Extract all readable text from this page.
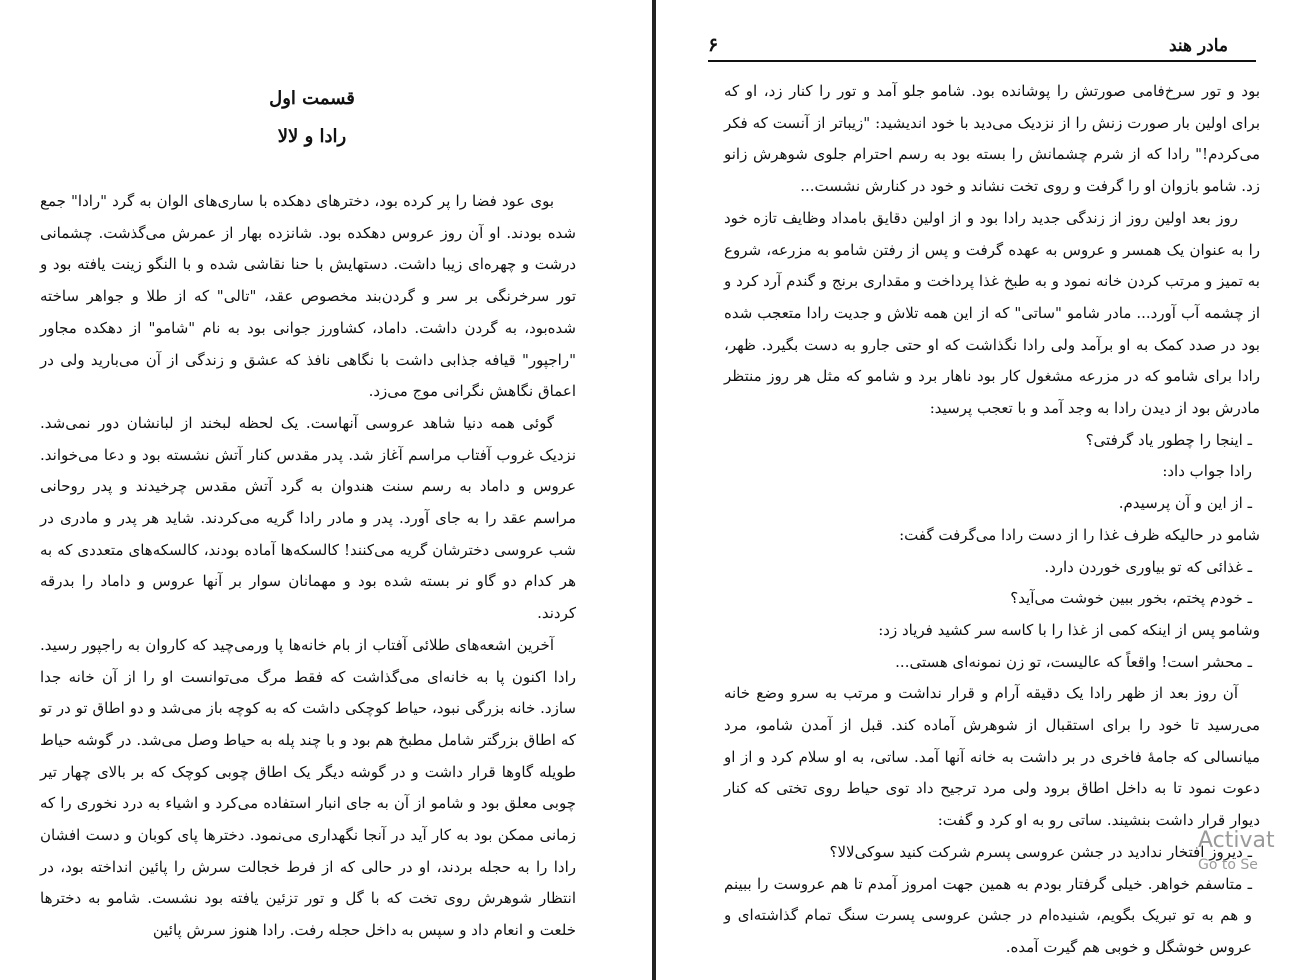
قسمت اول
رادا و لالا

بوی عود فضا را پر کرده بود، دخترهای دهکده با ساری‌های الوان به گرد "رادا" جمع شده بودند. او آن روز عروس دهکده بود. شانزده بهار از عمرش می‌گذشت. چشمانی درشت و چهره‌ای زیبا داشت. دستهایش با حنا نقاشی شده و با النگو زینت یافته بود و تور سرخرنگی بر سر و گردن‌بند مخصوص عقد، "تالی" که از طلا و جواهر ساخته شده‌بود، به گردن داشت. داماد، کشاورز جوانی بود به نام "شامو" از دهکده مجاور "راجپور" قیافه جذابی داشت با نگاهی نافذ که عشق و زندگی از آن می‌بارید ولی در اعماق نگاهش نگرانی موج می‌زد.

گوئی همه دنیا شاهد عروسی آنهاست. یک لحظه لبخند از لبانشان دور نمی‌شد. نزدیک غروب آفتاب مراسم آغاز شد. پدر مقدس کنار آتش نشسته بود و دعا می‌خواند. عروس و داماد به رسم سنت هندوان به گرد آتش مقدس چرخیدند و پدر روحانی مراسم عقد را به جای آورد. پدر و مادر رادا گریه می‌کردند. شاید هر پدر و مادری در شب عروسی دخترشان گریه می‌کنند! کالسکه‌ها آماده بودند، کالسکه‌های متعددی که به هر کدام دو گاو نر بسته شده بود و مهمانان سوار بر آنها عروس و داماد را بدرقه کردند.

آخرین اشعه‌های طلائی آفتاب از بام خانه‌ها پا ورمی‌چید که کاروان به راجپور رسید. رادا اکنون پا به خانه‌ای می‌گذاشت که فقط مرگ می‌توانست او را از آن خانه جدا سازد. خانه بزرگی نبود، حیاط کوچکی داشت که به کوچه باز می‌شد و دو اطاق تو در تو که اطاق بزرگتر شامل مطبخ هم بود و با چند پله به حیاط وصل می‌شد. در گوشه حیاط طویله گاوها قرار داشت و در گوشه دیگر یک اطاق چوبی کوچک که بر بالای چهار تیر چوبی معلق بود و شامو از آن به جای انبار استفاده می‌کرد و اشیاء به درد نخوری را که زمانی ممکن بود به کار آید در آنجا نگهداری می‌نمود. دخترها پای کوبان و دست افشان رادا را به حجله بردند، او در حالی که از فرط خجالت سرش را پائین انداخته بود، در انتظار شوهرش روی تخت که با گل و تور تزئین یافته بود نشست. شامو به دخترها خلعت و انعام داد و سپس به داخل حجله رفت. رادا هنوز سرش پائین

مادر هند
۶

بود و تور سرخ‌فامی صورتش را پوشانده بود. شامو جلو آمد و تور را کنار زد، او که برای اولین بار صورت زنش را از نزدیک می‌دید با خود اندیشید: "زیباتر از آنست که فکر می‌کردم!" رادا که از شرم چشمانش را بسته بود به رسم احترام جلوی شوهرش زانو زد. شامو بازوان او را گرفت و روی تخت نشاند و خود در کنارش نشست...

روز بعد اولین روز از زندگی جدید رادا بود و از اولین دقایق بامداد وظایف تازه خود را به عنوان یک همسر و عروس به عهده گرفت و پس از رفتن شامو به مزرعه، شروع به تمیز و مرتب کردن خانه نمود و به طبخ غذا پرداخت و مقداری برنج و گندم آرد کرد و از چشمه آب آورد... مادر شامو "ساتی" که از این همه تلاش و جدیت رادا متعجب شده بود در صدد کمک به او برآمد ولی رادا نگذاشت که او حتی جارو به دست بگیرد. ظهر، رادا برای شامو که در مزرعه مشغول کار بود ناهار برد و شامو که مثل هر روز منتظر مادرش بود از دیدن رادا به وجد آمد و با تعجب پرسید:

ـ اینجا را چطور یاد گرفتی؟

رادا جواب داد:

ـ از این و آن پرسیدم.

شامو در حالیکه ظرف غذا را از دست رادا می‌گرفت گفت:

ـ غذائی که تو بیاوری خوردن دارد.

ـ خودم پختم، بخور ببین خوشت می‌آید؟

وشامو پس از اینکه کمی از غذا را با کاسه سر کشید فریاد زد:

ـ محشر است! واقعاً که عالیست، تو زن نمونه‌ای هستی...

آن روز بعد از ظهر رادا یک دقیقه آرام و قرار نداشت و مرتب به سرو وضع خانه می‌رسید تا خود را برای استقبال از شوهرش آماده کند. قبل از آمدن شامو، مرد میانسالی که جامهٔ فاخری در بر داشت به خانه آنها آمد. ساتی، به او سلام کرد و از او دعوت نمود تا به داخل اطاق برود ولی مرد ترجیح داد توی حیاط روی تختی که کنار دیوار قرار داشت بنشیند. ساتی رو به او کرد و گفت:

ـ دیروز افتخار ندادید در جشن عروسی پسرم شرکت کنید سوکی‌لالا؟

ـ متاسفم خواهر. خیلی گرفتار بودم به همین جهت امروز آمدم تا هم عروست را ببینم و هم به تو تبریک بگویم، شنیده‌ام در جشن عروسی پسرت سنگ تمام گذاشته‌ای و عروس خوشگل و خوبی هم گیرت آمده.

Activat
Go to Se
